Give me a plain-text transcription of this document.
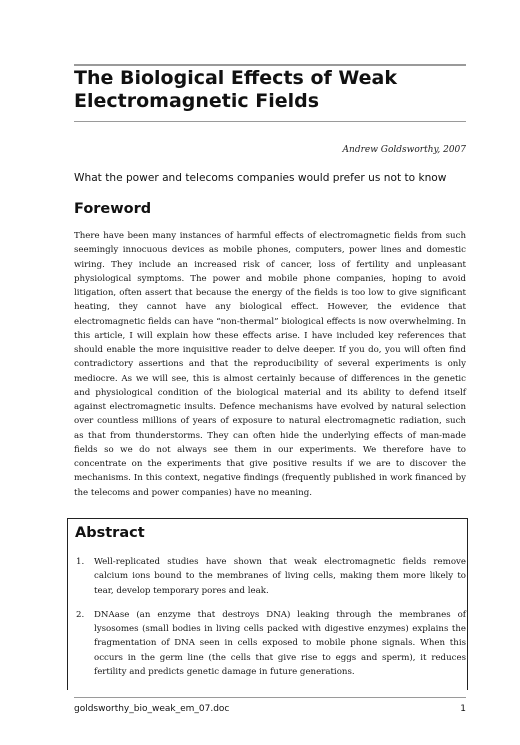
The Biological Effects of Weak
Electromagnetic Fields
Andrew Goldsworthy, 2007
What the power and telecoms companies would prefer us not to know
Foreword

There have been many instances of harmful effects of electromagnetic fields from such seemingly innocuous devices as mobile phones, computers, power lines and domestic wiring. They include an increased risk of cancer, loss of fertility and unpleasant physiological symptoms. The power and mobile phone companies, hoping to avoid litigation, often assert that because the energy of the fields is too low to give significant heating, they cannot have any biological effect. However, the evidence that electromagnetic fields can have “non-thermal” biological effects is now overwhelming. In this article, I will explain how these effects arise. I have included key references that should enable the more inquisitive reader to delve deeper. If you do, you will often find contradictory assertions and that the reproducibility of several experiments is only mediocre. As we will see, this is almost certainly because of differences in the genetic and physiological condition of the biological material and its ability to defend itself against electromagnetic insults. Defence mechanisms have evolved by natural selection over countless millions of years of exposure to natural electromagnetic radiation, such as that from thunderstorms. They can often hide the underlying effects of man-made fields so we do not always see them in our experiments. We therefore have to concentrate on the experiments that give positive results if we are to discover the mechanisms. In this context, negative findings (frequently published in work financed by the telecoms and power companies) have no meaning.

Abstract
1. Well-replicated studies have shown that weak electromagnetic fields remove calcium ions bound to the membranes of living cells, making them more likely to tear, develop temporary pores and leak.
2. DNAase (an enzyme that destroys DNA) leaking through the membranes of lysosomes (small bodies in living cells packed with digestive enzymes) explains the fragmentation of DNA seen in cells exposed to mobile phone signals. When this occurs in the germ line (the cells that give rise to eggs and sperm), it reduces fertility and predicts genetic damage in future generations.
goldsworthy_bio_weak_em_07.doc	1
